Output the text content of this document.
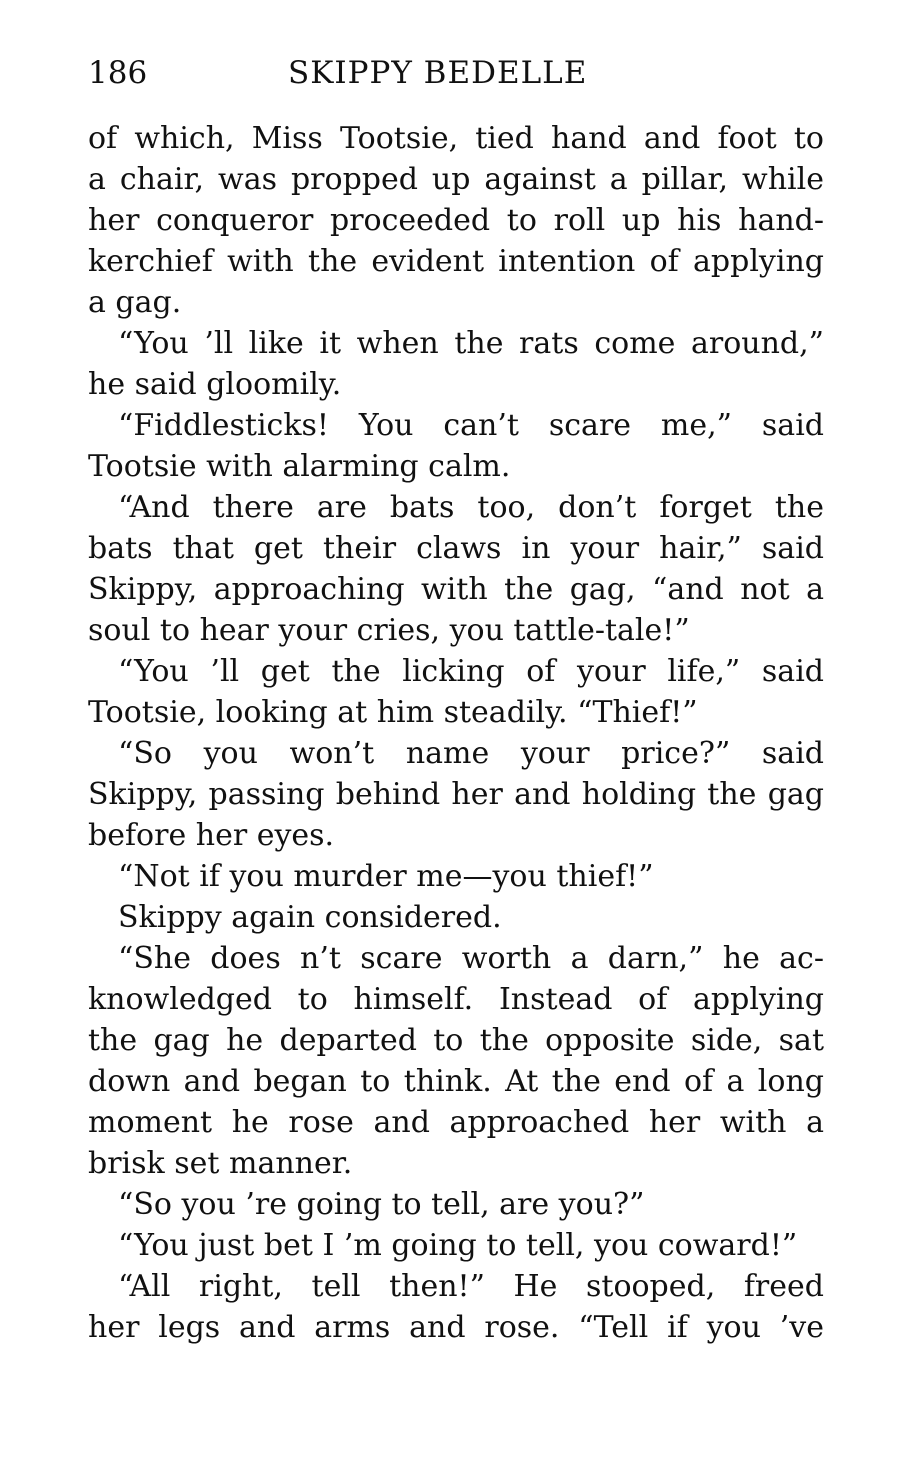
186	SKIPPY BEDELLE
of which, Miss Tootsie, tied hand and foot to
a chair, was propped up against a pillar, while
her conqueror proceeded to roll up his hand-
kerchief with the evident intention of applying
a gag.
“You ’ll like it when the rats come around,”
he said gloomily.
“Fiddlesticks! You can’t scare me,” said
Tootsie with alarming calm.
“And there are bats too, don’t forget the
bats that get their claws in your hair,” said
Skippy, approaching with the gag, “and not a
soul to hear your cries, you tattle-tale!”
“You ’ll get the licking of your life,” said
Tootsie, looking at him steadily. “Thief!”
“So you won’t name your price?” said
Skippy, passing behind her and holding the gag
before her eyes.
“Not if you murder me—you thief!”
Skippy again considered.
“She does n’t scare worth a darn,” he ac-
knowledged to himself. Instead of applying
the gag he departed to the opposite side, sat
down and began to think. At the end of a long
moment he rose and approached her with a
brisk set manner.
“So you ’re going to tell, are you?”
“You just bet I ’m going to tell, you coward!”
“All right, tell then!” He stooped, freed
her legs and arms and rose. “Tell if you ’ve
